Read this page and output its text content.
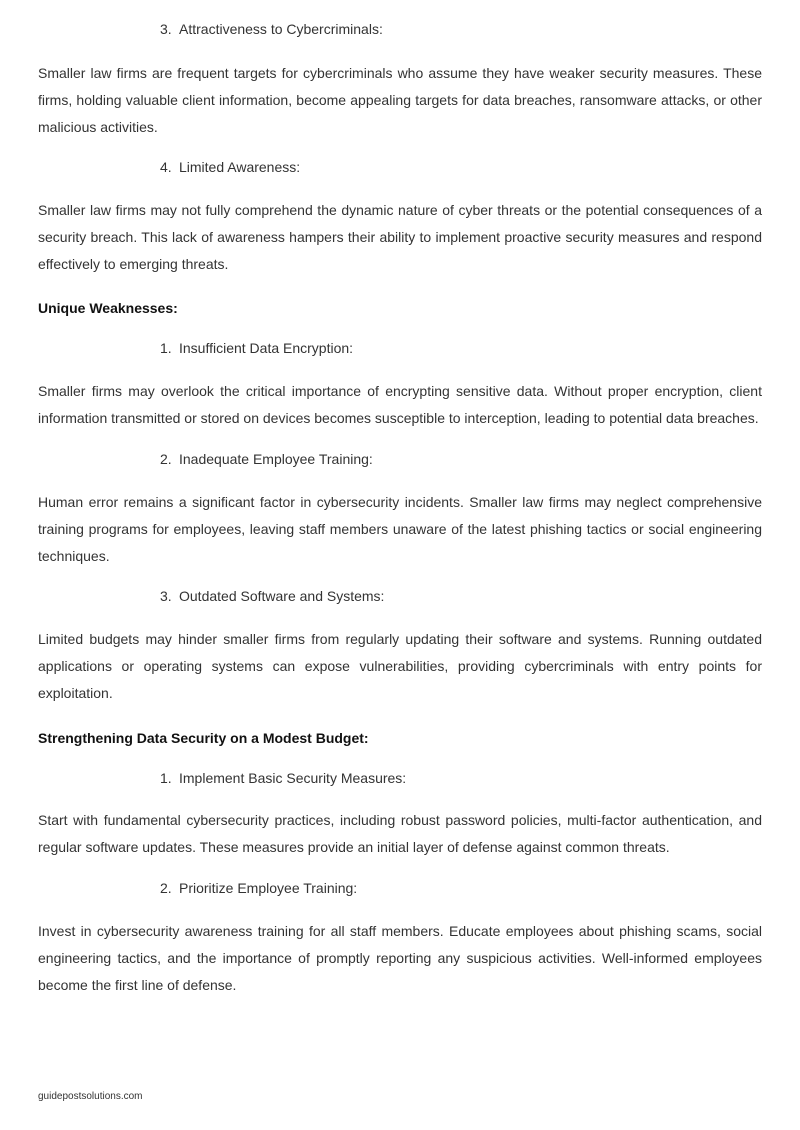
3. Attractiveness to Cybercriminals:

Smaller law firms are frequent targets for cybercriminals who assume they have weaker security measures. These firms, holding valuable client information, become appealing targets for data breaches, ransomware attacks, or other malicious activities.

4. Limited Awareness:

Smaller law firms may not fully comprehend the dynamic nature of cyber threats or the potential consequences of a security breach. This lack of awareness hampers their ability to implement proactive security measures and respond effectively to emerging threats.

Unique Weaknesses:
1. Insufficient Data Encryption:

Smaller firms may overlook the critical importance of encrypting sensitive data. Without proper encryption, client information transmitted or stored on devices becomes susceptible to interception, leading to potential data breaches.

2. Inadequate Employee Training:

Human error remains a significant factor in cybersecurity incidents. Smaller law firms may neglect comprehensive training programs for employees, leaving staff members unaware of the latest phishing tactics or social engineering techniques.

3. Outdated Software and Systems:

Limited budgets may hinder smaller firms from regularly updating their software and systems. Running outdated applications or operating systems can expose vulnerabilities, providing cybercriminals with entry points for exploitation.

Strengthening Data Security on a Modest Budget:
1. Implement Basic Security Measures:

Start with fundamental cybersecurity practices, including robust password policies, multi-factor authentication, and regular software updates. These measures provide an initial layer of defense against common threats.

2. Prioritize Employee Training:

Invest in cybersecurity awareness training for all staff members. Educate employees about phishing scams, social engineering tactics, and the importance of promptly reporting any suspicious activities. Well-informed employees become the first line of defense.

guidepostsolutions.com
